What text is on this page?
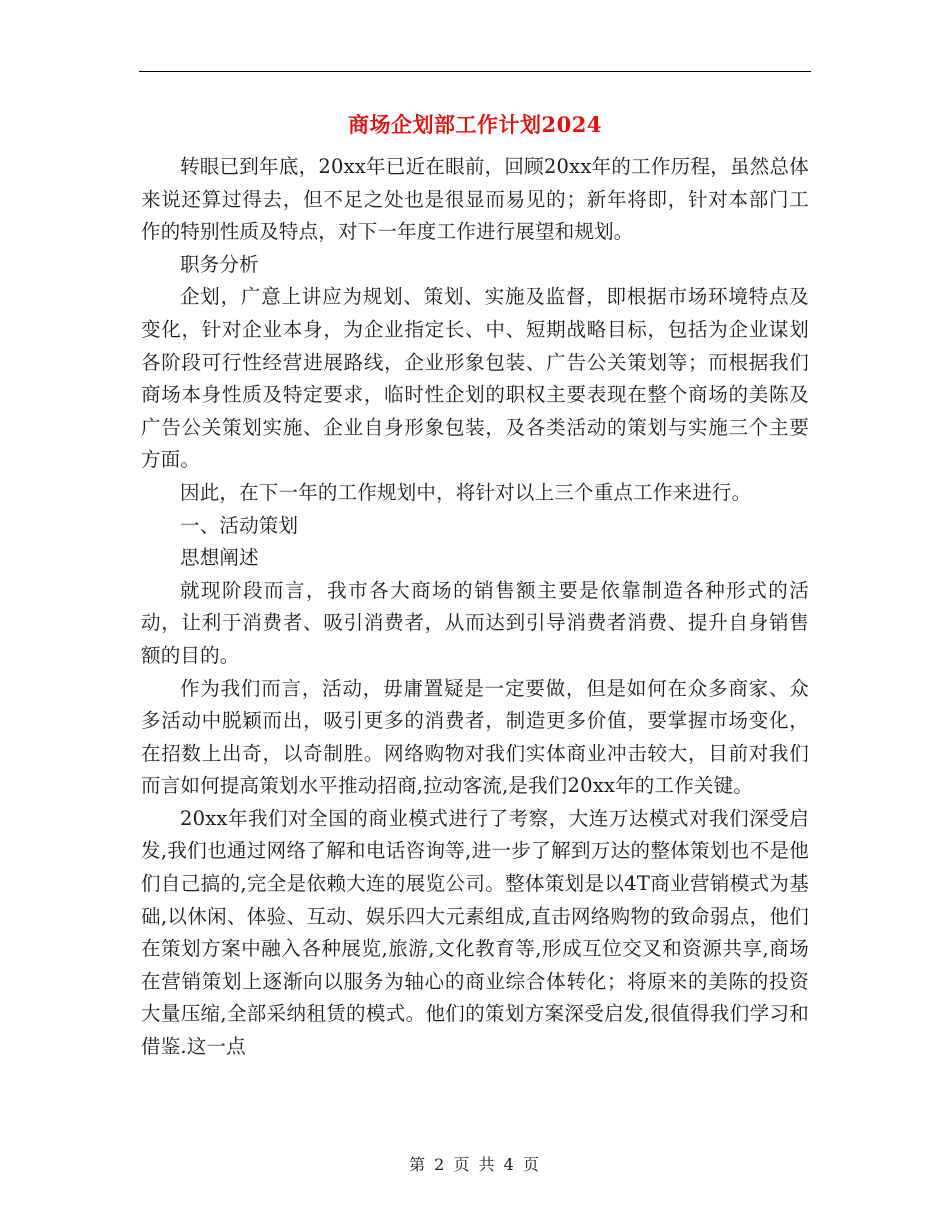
商场企划部工作计划2024

转眼已到年底，20xx年已近在眼前，回顾20xx年的工作历程，虽然总体来说还算过得去，但不足之处也是很显而易见的；新年将即，针对本部门工作的特别性质及特点，对下一年度工作进行展望和规划。

职务分析

企划，广意上讲应为规划、策划、实施及监督，即根据市场环境特点及变化，针对企业本身，为企业指定长、中、短期战略目标，包括为企业谋划各阶段可行性经营进展路线，企业形象包装、广告公关策划等；而根据我们商场本身性质及特定要求，临时性企划的职权主要表现在整个商场的美陈及广告公关策划实施、企业自身形象包装，及各类活动的策划与实施三个主要方面。

因此，在下一年的工作规划中，将针对以上三个重点工作来进行。

一、活动策划

思想阐述

就现阶段而言，我市各大商场的销售额主要是依靠制造各种形式的活动，让利于消费者、吸引消费者，从而达到引导消费者消费、提升自身销售额的目的。

作为我们而言，活动，毋庸置疑是一定要做，但是如何在众多商家、众多活动中脱颖而出，吸引更多的消费者，制造更多价值，要掌握市场变化，在招数上出奇，以奇制胜。网络购物对我们实体商业冲击较大，目前对我们而言如何提高策划水平推动招商,拉动客流,是我们20xx年的工作关键。

20xx年我们对全国的商业模式进行了考察，大连万达模式对我们深受启发,我们也通过网络了解和电话咨询等,进一步了解到万达的整体策划也不是他们自己搞的,完全是依赖大连的展览公司。整体策划是以4T商业营销模式为基础,以休闲、体验、互动、娱乐四大元素组成,直击网络购物的致命弱点，他们在策划方案中融入各种展览,旅游,文化教育等,形成互位交叉和资源共享,商场在营销策划上逐渐向以服务为轴心的商业综合体转化；将原来的美陈的投资大量压缩,全部采纳租赁的模式。他们的策划方案深受启发,很值得我们学习和借鉴.这一点

第 2 页 共 4 页
